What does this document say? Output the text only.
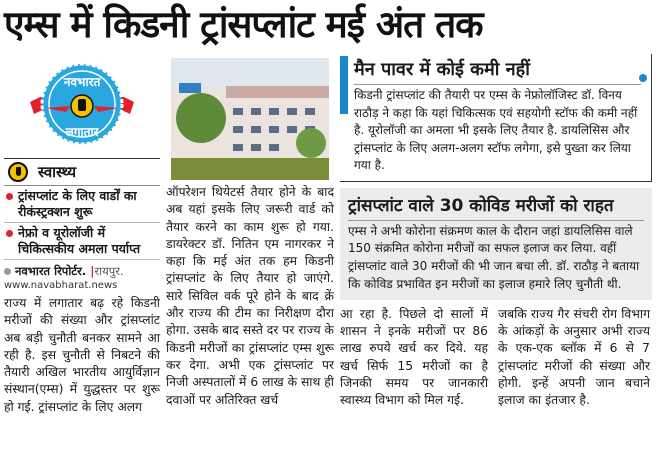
एम्स में किडनी ट्रांसप्लांट मई अंत तक
नवभारत
लगातार
स्वास्थ्य
ट्रांसप्लांट के लिए वार्डों का रीकंस्ट्रक्शन शुरू
नेफ्रो व यूरोलॉजी में चिकित्सकीय अमला पर्याप्त
नवभारत रिपोर्टर. |रायपुर.
www.navabharat.news
राज्य में लगातार बढ़ रहे किडनी मरीजों की संख्या और ट्रांसप्लांट अब बड़ी चुनौती बनकर सामने आ रही है. इस चुनौती से निबटने की तैयारी अखिल भारतीय आयुर्विज्ञान संस्थान(एम्स) में युद्धस्तर पर शुरू हो गई. ट्रांसप्लांट के लिए अलग
ऑपरेशन थियेटर्स तैयार होने के बाद अब यहां इसके लिए जरूरी वार्ड को तैयार करने का काम शुरू हो गया. डायरेक्टर डॉ. नितिन एम नागरकर ने कहा कि मई अंत तक हम किडनी ट्रांसप्लांट के लिए तैयार हो जाएंगे. सारे सिविल वर्क पूरे होने के बाद क्रें और राज्य की टीम का निरीक्षण दौरा होगा. उसके बाद सस्ते दर पर राज्य के किडनी मरीजों का ट्रांसप्लांट एम्स शुरू कर देगा. अभी एक ट्रांसप्लांट पर निजी अस्पतालों में 6 लाख के साथ ही दवाओं पर अतिरिक्त खर्च
मैन पावर में कोई कमी नहीं
किडनी ट्रांसप्लांट की तैयारी पर एम्स के नेफ्रोलॉजिस्ट डॉ. विनय राठौड़ ने कहा कि यहां चिकित्सक एवं सहयोगी स्टॉफ की कमी नहीं है. यूरोलॉजी का अमला भी इसके लिए तैयार है. डायलिसिस और ट्रांसप्लांट के लिए अलग-अलग स्टॉफ लगेगा, इसे पुख्ता कर लिया गया है.
ट्रांसप्लांट वाले 30 कोविड मरीजों को राहत
एम्स ने अभी कोरोना संक्रमण काल के दौरान जहां डायलिसिस वाले 150 संक्रमित कोरोना मरीजों का सफल इलाज कर लिया. वहीं ट्रांसप्लांट वाले 30 मरीजों की भी जान बचा ली. डॉ. राठौड़ ने बताया कि कोविड प्रभावित इन मरीजों का इलाज हमारे लिए चुनौती थी.
आ रहा है. पिछले दो सालों में शासन ने इनके मरीजों पर 86 लाख रुपये खर्च कर दिये. यह खर्च सिर्फ 15 मरीजों का है जिनकी समय पर जानकारी स्वास्थ्य विभाग को मिल गई.
जबकि राज्य गैर संचरी रोग विभाग के आंकड़ों के अनुसार अभी राज्य के एक-एक ब्लॉक में 6 से 7 ट्रांसप्लांट मरीजों की संख्या और होगी. इन्हें अपनी जान बचाने इलाज का इंतजार है.
